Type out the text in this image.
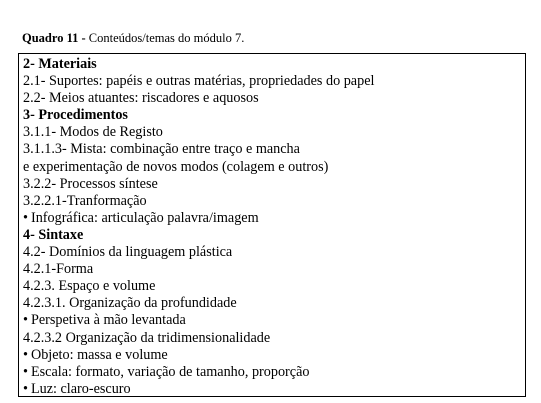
Quadro 11 - Conteúdos/temas do módulo 7.
2- Materiais
2.1- Suportes: papéis e outras matérias, propriedades do papel
2.2- Meios atuantes: riscadores e aquosos
3- Procedimentos
3.1.1- Modos de Registo
3.1.1.3- Mista: combinação entre traço e mancha
e experimentação de novos modos (colagem e outros)
3.2.2- Processos síntese
3.2.2.1-Tranformação
• Infográfica: articulação palavra/imagem
4- Sintaxe
4.2- Domínios da linguagem plástica
4.2.1-Forma
4.2.3. Espaço e volume
4.2.3.1. Organização da profundidade
• Perspetiva à mão levantada
4.2.3.2 Organização da tridimensionalidade
• Objeto: massa e volume
• Escala: formato, variação de tamanho, proporção
• Luz: claro-escuro
